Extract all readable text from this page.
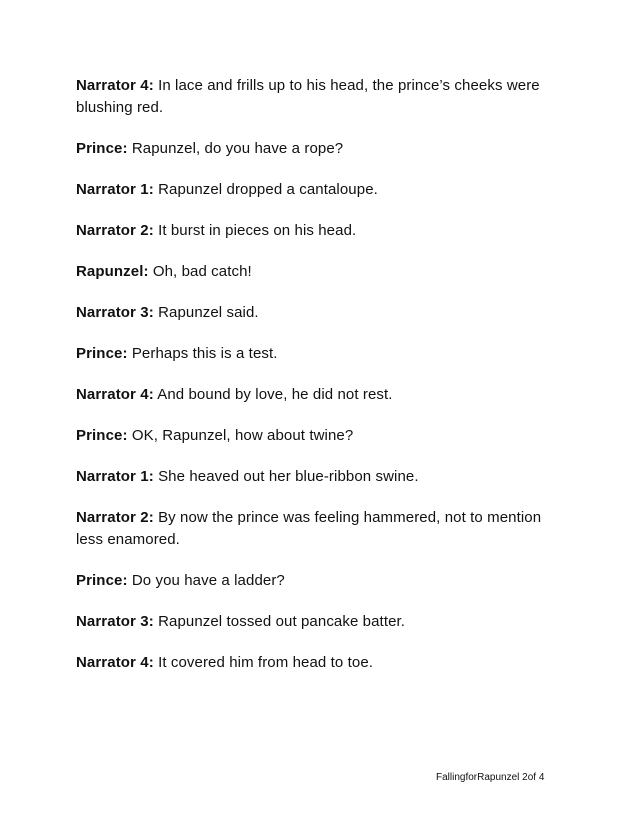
Narrator 4: In lace and frills up to his head, the prince’s cheeks were blushing red.

Prince: Rapunzel, do you have a rope?

Narrator 1: Rapunzel dropped a cantaloupe.

Narrator 2: It burst in pieces on his head.

Rapunzel: Oh, bad catch!

Narrator 3: Rapunzel said.

Prince: Perhaps this is a test.

Narrator 4: And bound by love, he did not rest.

Prince: OK, Rapunzel, how about twine?

Narrator 1: She heaved out her blue-ribbon swine.

Narrator 2: By now the prince was feeling hammered, not to mention less enamored.

Prince: Do you have a ladder?

Narrator 3: Rapunzel tossed out pancake batter.

Narrator 4: It covered him from head to toe.

FallingforRapunzel 2of 4
